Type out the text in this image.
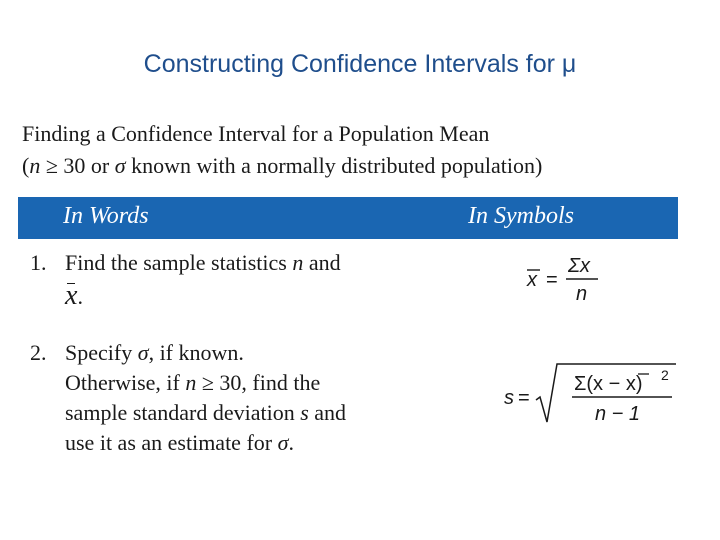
Constructing Confidence Intervals for μ
Finding a Confidence Interval for a Population Mean
(n ≥ 30 or σ known with a normally distributed population)
In Words	In Symbols
1. Find the sample statistics n and
x.
x =
Σx
n
2. Specify σ, if known.
Otherwise, if n ≥ 30, find the
sample standard deviation s and
use it as an estimate for σ.
s =
Σ(x − x) 2
n − 1
